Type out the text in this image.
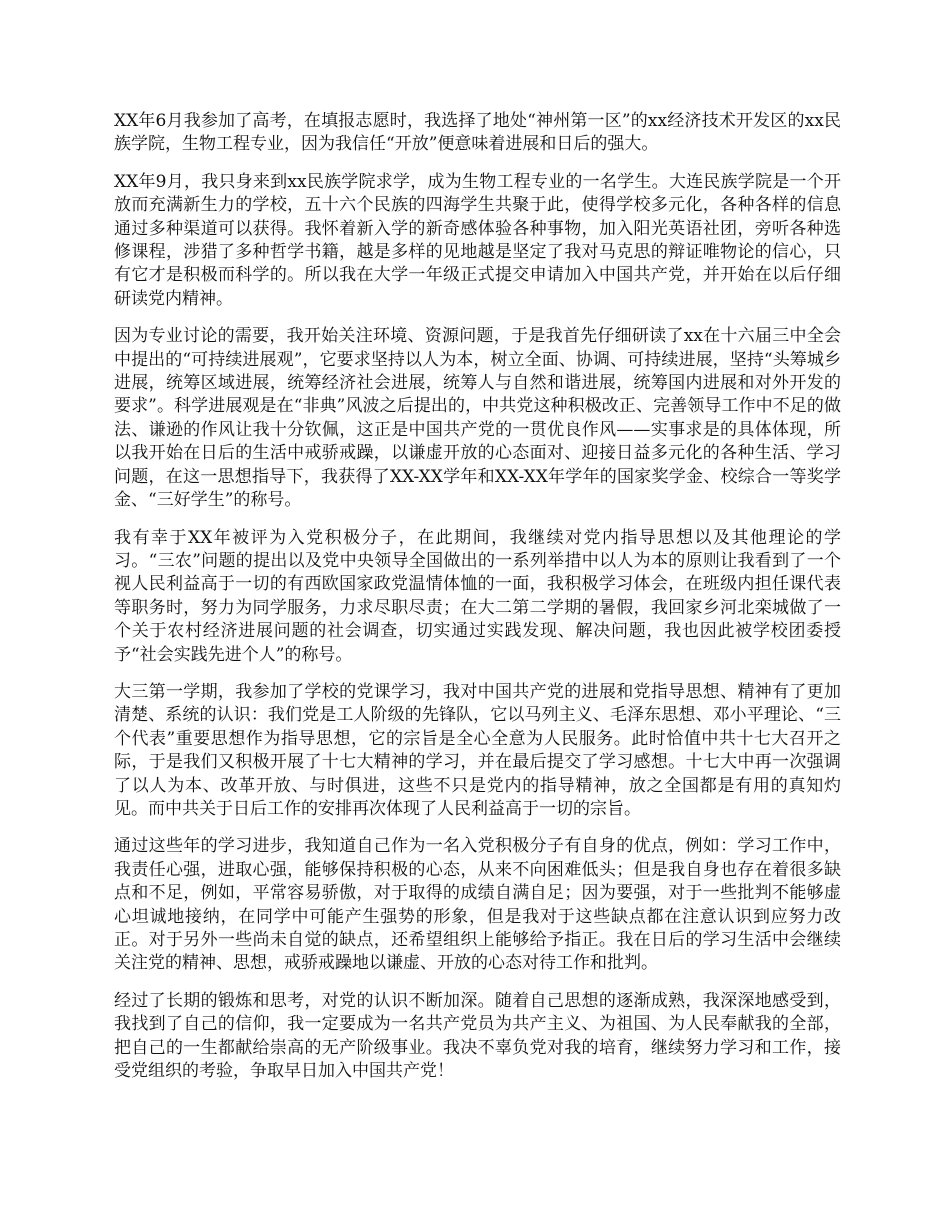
XX年6月我参加了高考，在填报志愿时，我选择了地处“神州第一区”的xx经济技术开发区的xx民族学院，生物工程专业，因为我信任“开放”便意味着进展和日后的强大。

XX年9月，我只身来到xx民族学院求学，成为生物工程专业的一名学生。大连民族学院是一个开放而充满新生力的学校，五十六个民族的四海学生共聚于此，使得学校多元化，各种各样的信息通过多种渠道可以获得。我怀着新入学的新奇感体验各种事物，加入阳光英语社团，旁听各种选修课程，涉猎了多种哲学书籍，越是多样的见地越是坚定了我对马克思的辩证唯物论的信心，只有它才是积极而科学的。所以我在大学一年级正式提交申请加入中国共产党，并开始在以后仔细研读党内精神。

因为专业讨论的需要，我开始关注环境、资源问题，于是我首先仔细研读了xx在十六届三中全会中提出的“可持续进展观”，它要求坚持以人为本，树立全面、协调、可持续进展，坚持“头筹城乡进展，统筹区域进展，统筹经济社会进展，统筹人与自然和谐进展，统筹国内进展和对外开发的要求”。科学进展观是在“非典”风波之后提出的，中共党这种积极改正、完善领导工作中不足的做法、谦逊的作风让我十分钦佩，这正是中国共产党的一贯优良作风——实事求是的具体体现，所以我开始在日后的生活中戒骄戒躁，以谦虚开放的心态面对、迎接日益多元化的各种生活、学习问题，在这一思想指导下，我获得了XX-XX学年和XX-XX年学年的国家奖学金、校综合一等奖学金、“三好学生”的称号。

我有幸于XX年被评为入党积极分子，在此期间，我继续对党内指导思想以及其他理论的学习。“三农”问题的提出以及党中央领导全国做出的一系列举措中以人为本的原则让我看到了一个视人民利益高于一切的有西欧国家政党温情体恤的一面，我积极学习体会，在班级内担任课代表等职务时，努力为同学服务，力求尽职尽责；在大二第二学期的暑假，我回家乡河北栾城做了一个关于农村经济进展问题的社会调查，切实通过实践发现、解决问题，我也因此被学校团委授予“社会实践先进个人”的称号。

大三第一学期，我参加了学校的党课学习，我对中国共产党的进展和党指导思想、精神有了更加清楚、系统的认识：我们党是工人阶级的先锋队，它以马列主义、毛泽东思想、邓小平理论、“三个代表”重要思想作为指导思想，它的宗旨是全心全意为人民服务。此时恰值中共十七大召开之际，于是我们又积极开展了十七大精神的学习，并在最后提交了学习感想。十七大中再一次强调了以人为本、改革开放、与时俱进，这些不只是党内的指导精神，放之全国都是有用的真知灼见。而中共关于日后工作的安排再次体现了人民利益高于一切的宗旨。

通过这些年的学习进步，我知道自己作为一名入党积极分子有自身的优点，例如：学习工作中，我责任心强，进取心强，能够保持积极的心态，从来不向困难低头；但是我自身也存在着很多缺点和不足，例如，平常容易骄傲，对于取得的成绩自满自足；因为要强，对于一些批判不能够虚心坦诚地接纳，在同学中可能产生强势的形象，但是我对于这些缺点都在注意认识到应努力改正。对于另外一些尚未自觉的缺点，还希望组织上能够给予指正。我在日后的学习生活中会继续关注党的精神、思想，戒骄戒躁地以谦虚、开放的心态对待工作和批判。

经过了长期的锻炼和思考，对党的认识不断加深。随着自己思想的逐渐成熟，我深深地感受到，我找到了自己的信仰，我一定要成为一名共产党员为共产主义、为祖国、为人民奉献我的全部，把自己的一生都献给崇高的无产阶级事业。我决不辜负党对我的培育，继续努力学习和工作，接受党组织的考验，争取早日加入中国共产党！
